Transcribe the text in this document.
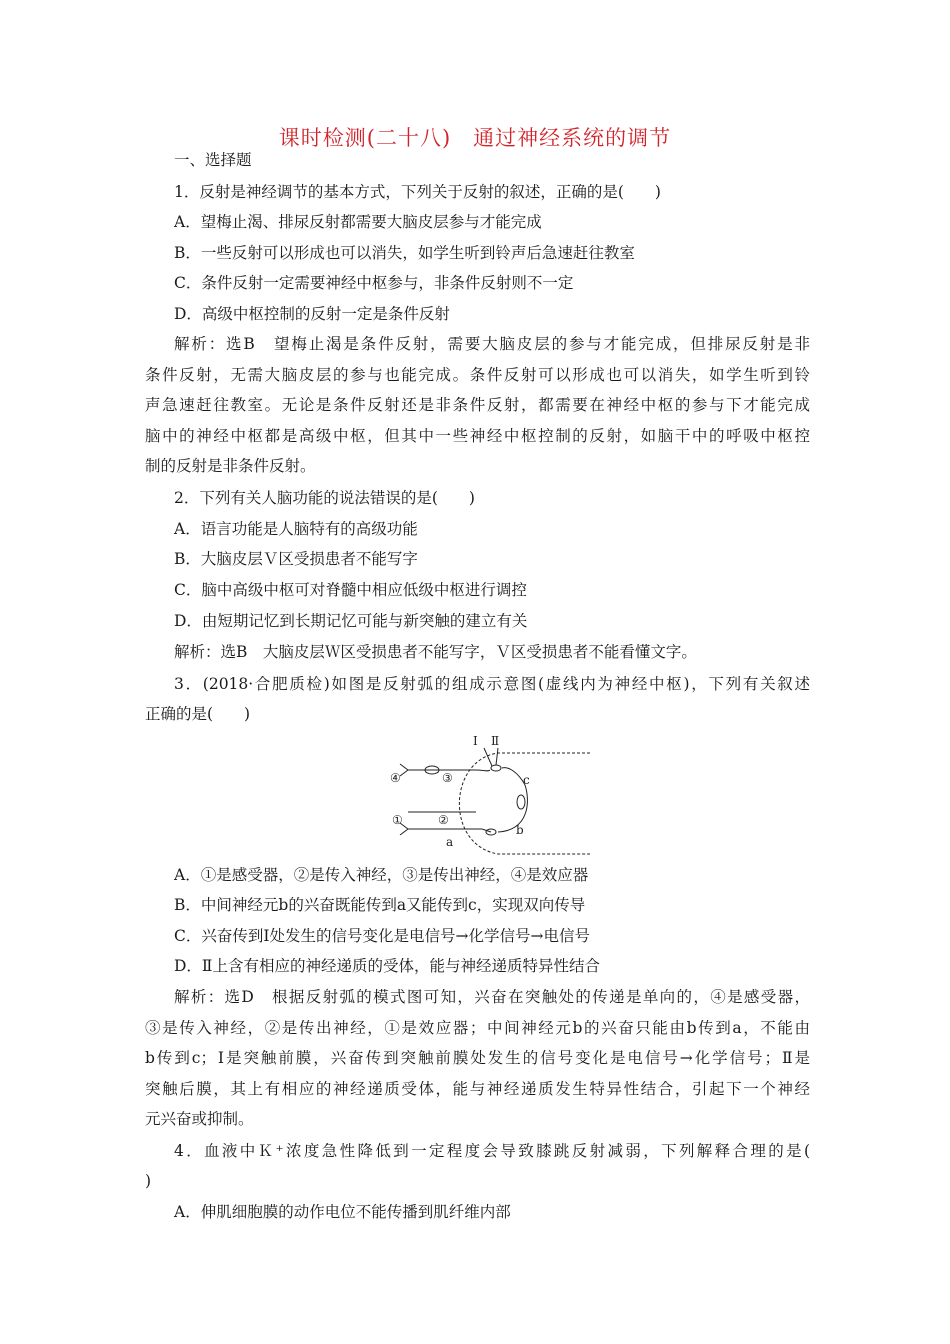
课时检测(二十八)　通过神经系统的调节
一、选择题
1．反射是神经调节的基本方式，下列关于反射的叙述，正确的是(　　)
A．望梅止渴、排尿反射都需要大脑皮层参与才能完成
B．一些反射可以形成也可以消失，如学生听到铃声后急速赶往教室
C．条件反射一定需要神经中枢参与，非条件反射则不一定
D．高级中枢控制的反射一定是条件反射
解析：选B　望梅止渴是条件反射，需要大脑皮层的参与才能完成，但排尿反射是非
条件反射，无需大脑皮层的参与也能完成。条件反射可以形成也可以消失，如学生听到铃
声急速赶往教室。无论是条件反射还是非条件反射，都需要在神经中枢的参与下才能完成
脑中的神经中枢都是高级中枢，但其中一些神经中枢控制的反射，如脑干中的呼吸中枢控
制的反射是非条件反射。
2．下列有关人脑功能的说法错误的是(　　)
A．语言功能是人脑特有的高级功能
B．大脑皮层Ｖ区受损患者不能写字
C．脑中高级中枢可对脊髓中相应低级中枢进行调控
D．由短期记忆到长期记忆可能与新突触的建立有关
解析：选B　大脑皮层Ｗ区受损患者不能写字，Ｖ区受损患者不能看懂文字。
3．(2018·合肥质检)如图是反射弧的组成示意图(虚线内为神经中枢)，下列有关叙述
正确的是(　　)
Ⅰ Ⅱ
④	③
①	②
a
b
c
A．①是感受器，②是传入神经，③是传出神经，④是效应器
B．中间神经元b的兴奋既能传到a又能传到c，实现双向传导
C．兴奋传到Ⅰ处发生的信号变化是电信号→化学信号→电信号
D．Ⅱ上含有相应的神经递质的受体，能与神经递质特异性结合
解析：选D　根据反射弧的模式图可知，兴奋在突触处的传递是单向的，④是感受器，
③是传入神经，②是传出神经，①是效应器；中间神经元b的兴奋只能由b传到a，不能由
b传到c；Ⅰ是突触前膜，兴奋传到突触前膜处发生的信号变化是电信号→化学信号；Ⅱ是
突触后膜，其上有相应的神经递质受体，能与神经递质发生特异性结合，引起下一个神经
元兴奋或抑制。
4．血液中Ｋ⁺浓度急性降低到一定程度会导致膝跳反射减弱，下列解释合理的是(
)
A．伸肌细胞膜的动作电位不能传播到肌纤维内部
